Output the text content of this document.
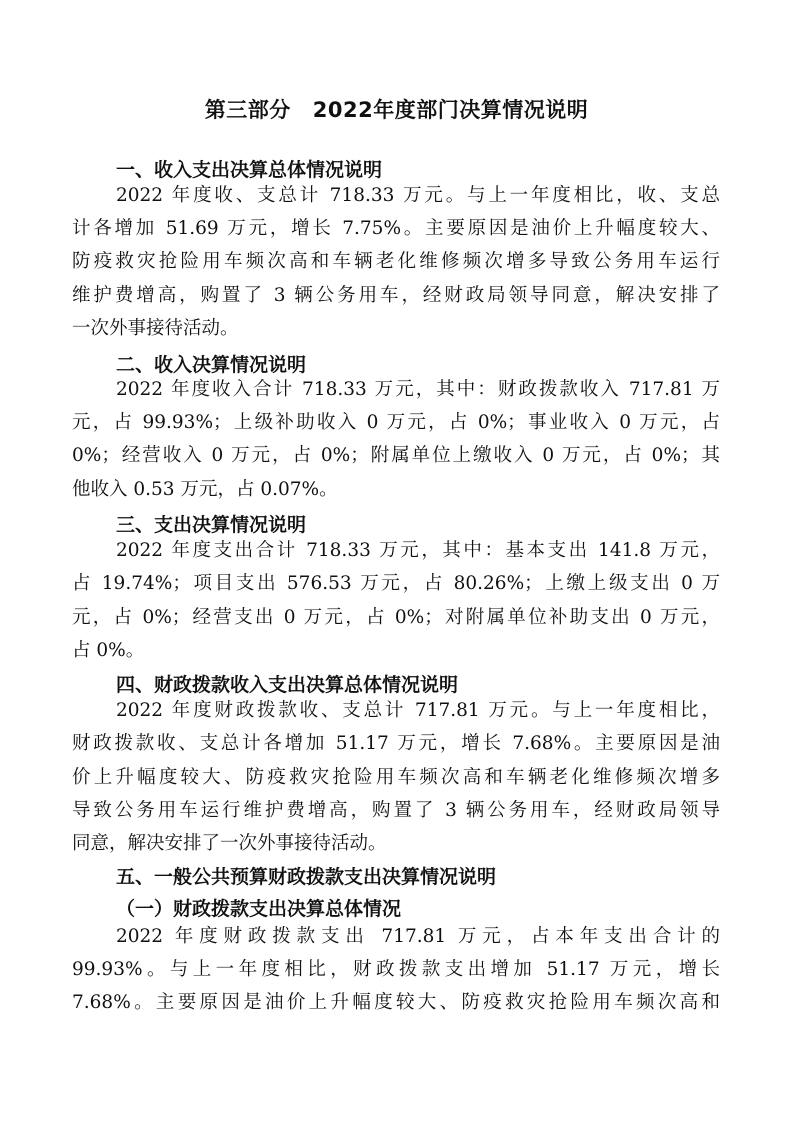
第三部分 2022年度部门决算情况说明
一、收入支出决算总体情况说明
2022 年度收、支总计 718.33 万元。与上一年度相比，收、支总
计各增加 51.69 万元，增长 7.75%。主要原因是油价上升幅度较大、
防疫救灾抢险用车频次高和车辆老化维修频次增多导致公务用车运行
维护费增高，购置了 3 辆公务用车，经财政局领导同意，解决安排了
一次外事接待活动。
二、收入决算情况说明
2022 年度收入合计 718.33 万元，其中：财政拨款收入 717.81 万
元，占 99.93%；上级补助收入 0 万元，占 0%；事业收入 0 万元，占
0%；经营收入 0 万元，占 0%；附属单位上缴收入 0 万元，占 0%；其
他收入 0.53 万元，占 0.07%。
三、支出决算情况说明
2022 年度支出合计 718.33 万元，其中：基本支出 141.8 万元，
占 19.74%；项目支出 576.53 万元，占 80.26%；上缴上级支出 0 万
元，占 0%；经营支出 0 万元，占 0%；对附属单位补助支出 0 万元，
占 0%。
四、财政拨款收入支出决算总体情况说明
2022 年度财政拨款收、支总计 717.81 万元。与上一年度相比，
财政拨款收、支总计各增加 51.17 万元，增长 7.68%。主要原因是油
价上升幅度较大、防疫救灾抢险用车频次高和车辆老化维修频次增多
导致公务用车运行维护费增高，购置了 3 辆公务用车，经财政局领导
同意，解决安排了一次外事接待活动。
五、一般公共预算财政拨款支出决算情况说明
（一）财政拨款支出决算总体情况
2022 年度财政拨款支出 717.81 万元，占本年支出合计的
99.93%。与上一年度相比，财政拨款支出增加 51.17 万元，增长
7.68%。主要原因是油价上升幅度较大、防疫救灾抢险用车频次高和
